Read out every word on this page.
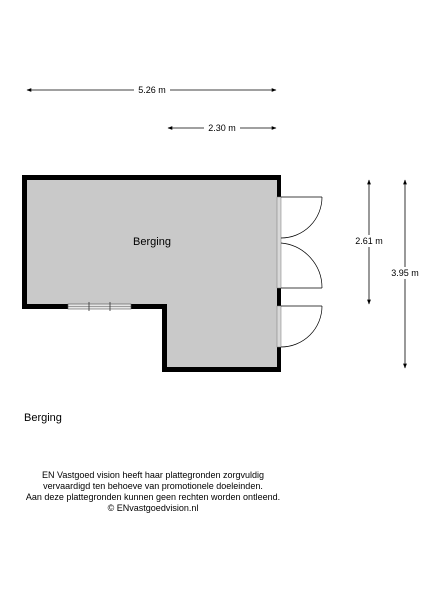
5.26 m
2.30 m
2.61 m
3.95 m
Berging
Berging
EN Vastgoed vision heeft haar plattegronden zorgvuldig
vervaardigd ten behoeve van promotionele doeleinden.
Aan deze plattegronden kunnen geen rechten worden ontleend.
© ENvastgoedvision.nl
